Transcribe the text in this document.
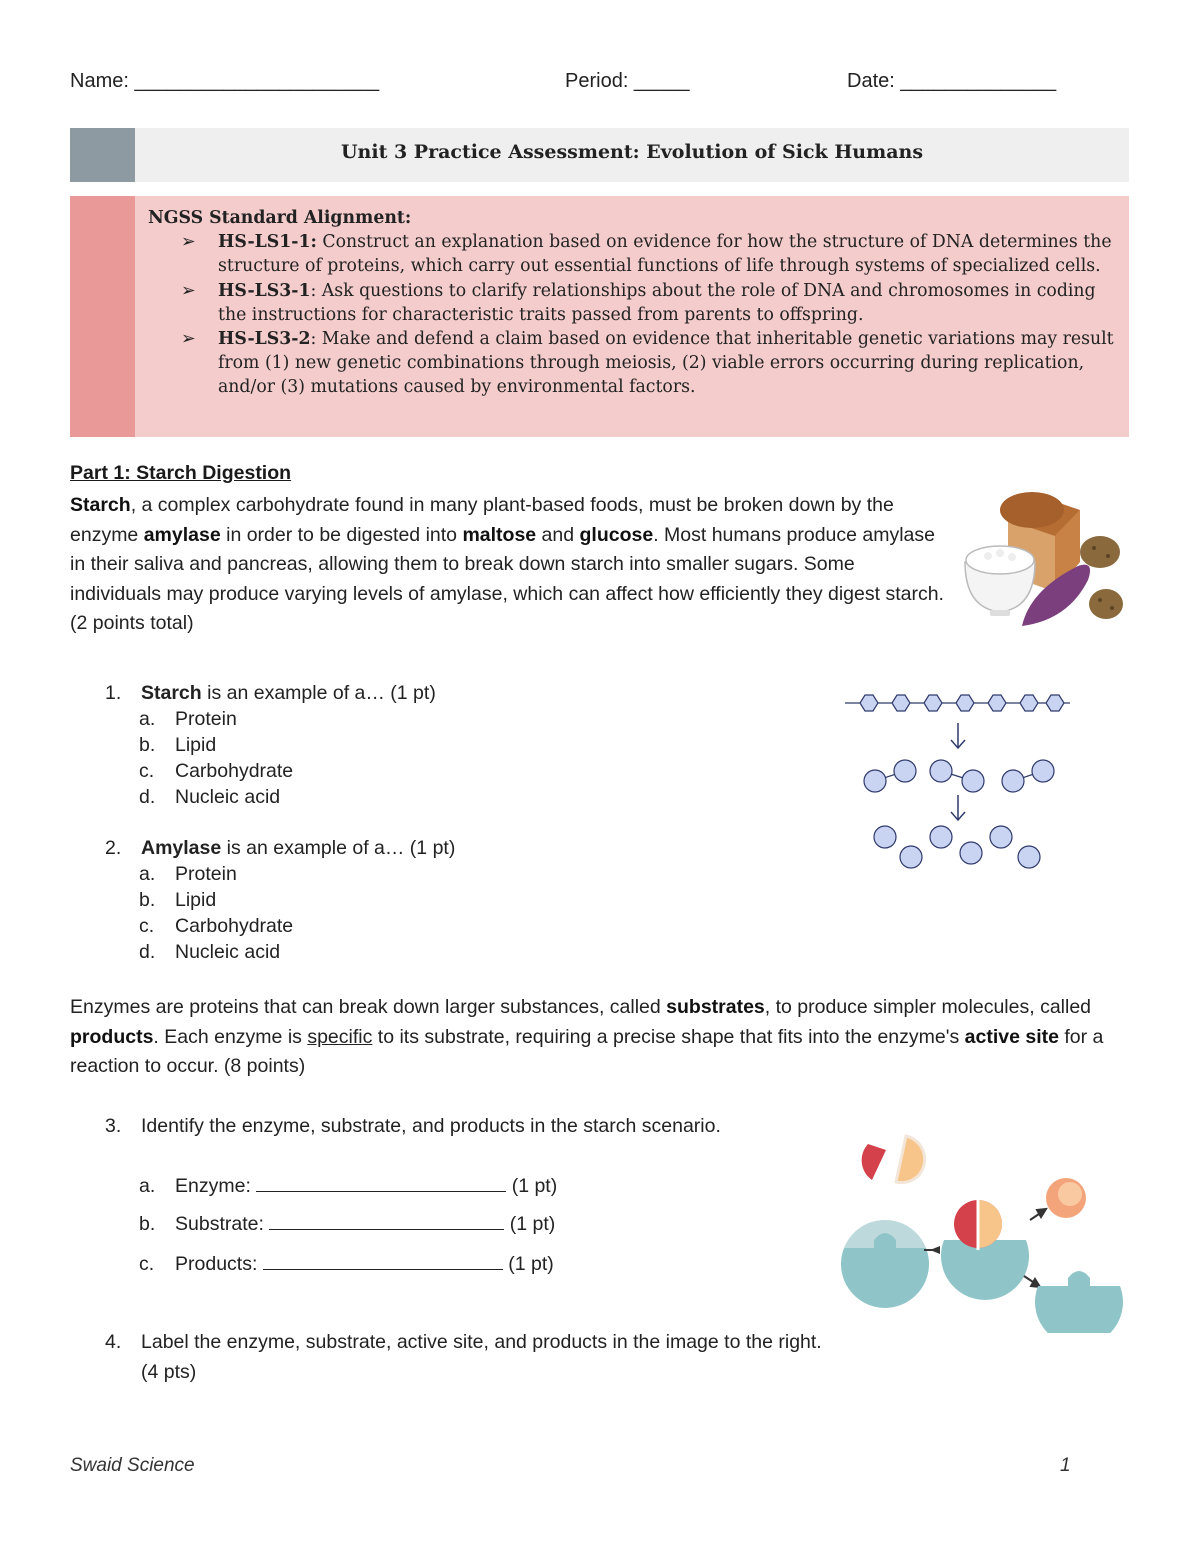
Name: ______________________	Period: _____	Date: ______________
Unit 3 Practice Assessment: Evolution of Sick Humans
NGSS Standard Alignment:
➢ HS-LS1-1: Construct an explanation based on evidence for how the structure of DNA determines the structure of proteins, which carry out essential functions of life through systems of specialized cells.
➢ HS-LS3-1: Ask questions to clarify relationships about the role of DNA and chromosomes in coding the instructions for characteristic traits passed from parents to offspring.
➢ HS-LS3-2: Make and defend a claim based on evidence that inheritable genetic variations may result from (1) new genetic combinations through meiosis, (2) viable errors occurring during replication, and/or (3) mutations caused by environmental factors.
Part 1: Starch Digestion
Starch, a complex carbohydrate found in many plant-based foods, must be broken down by the enzyme amylase in order to be digested into maltose and glucose. Most humans produce amylase in their saliva and pancreas, allowing them to break down starch into smaller sugars. Some individuals may produce varying levels of amylase, which can affect how efficiently they digest starch. (2 points total)
1.	Starch is an example of a… (1 pt)
a. Protein
b. Lipid
c. Carbohydrate
d. Nucleic acid
2.	Amylase is an example of a… (1 pt)
a. Protein
b. Lipid
c. Carbohydrate
d. Nucleic acid
Enzymes are proteins that can break down larger substances, called substrates, to produce simpler molecules, called products. Each enzyme is specific to its substrate, requiring a precise shape that fits into the enzyme's active site for a reaction to occur. (8 points)
3.	Identify the enzyme, substrate, and products in the starch scenario.
a. Enzyme:	(1 pt)
b. Substrate:	(1 pt)
c. Products:	(1 pt)
4.	Label the enzyme, substrate, active site, and products in the image to the right. (4 pts)
Swaid Science	1
